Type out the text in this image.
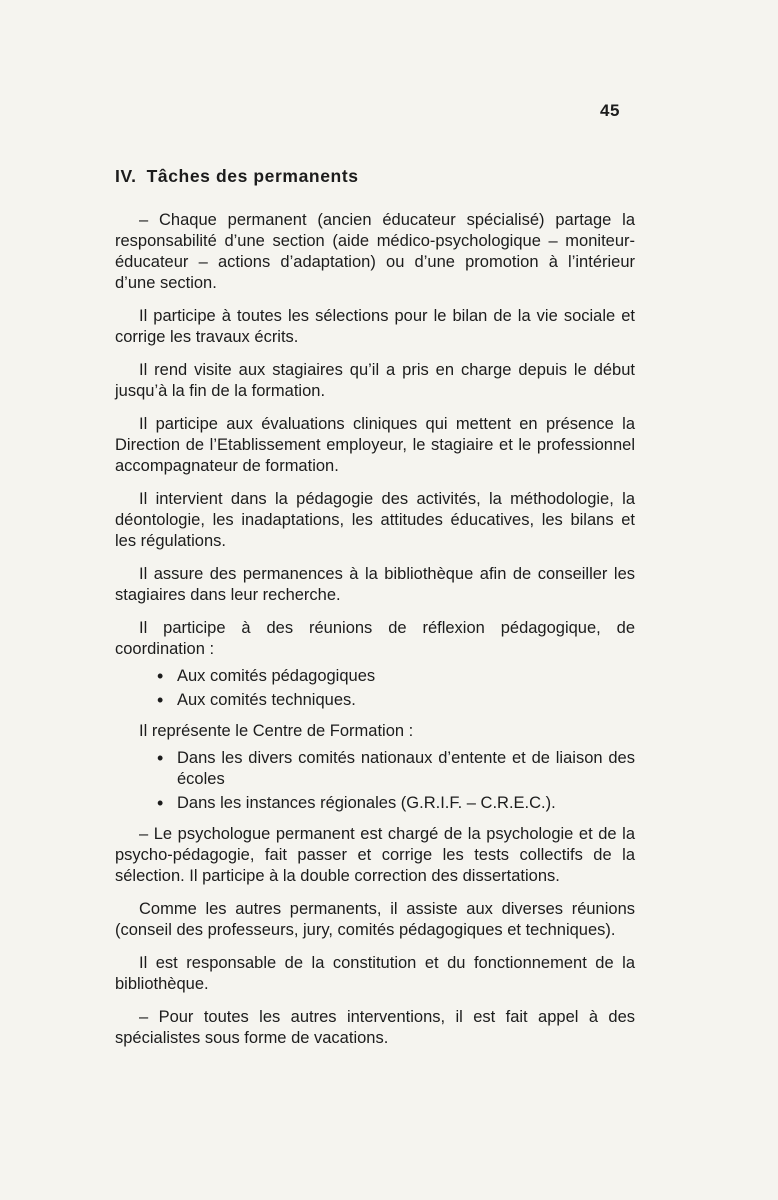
45
IV. Tâches des permanents

– Chaque permanent (ancien éducateur spécialisé) partage la responsabilité d’une section (aide médico-psychologique – moniteur-éducateur – actions d’adaptation) ou d’une promotion à l’intérieur d’une section.

Il participe à toutes les sélections pour le bilan de la vie sociale et corrige les travaux écrits.

Il rend visite aux stagiaires qu’il a pris en charge depuis le début jusqu’à la fin de la formation.

Il participe aux évaluations cliniques qui mettent en présence la Direction de l’Etablissement employeur, le stagiaire et le professionnel accompagnateur de formation.

Il intervient dans la pédagogie des activités, la méthodologie, la déontologie, les inadaptations, les attitudes éducatives, les bilans et les régulations.

Il assure des permanences à la bibliothèque afin de conseiller les stagiaires dans leur recherche.

Il participe à des réunions de réflexion pédagogique, de coordination :

• Aux comités pédagogiques
• Aux comités techniques.

Il représente le Centre de Formation :

• Dans les divers comités nationaux d’entente et de liaison des écoles
• Dans les instances régionales (G.R.I.F. – C.R.E.C.).

– Le psychologue permanent est chargé de la psychologie et de la psycho-pédagogie, fait passer et corrige les tests collectifs de la sélection. Il participe à la double correction des dissertations.

Comme les autres permanents, il assiste aux diverses réunions (conseil des professeurs, jury, comités pédagogiques et techniques).

Il est responsable de la constitution et du fonctionnement de la bibliothèque.

– Pour toutes les autres interventions, il est fait appel à des spécialistes sous forme de vacations.
